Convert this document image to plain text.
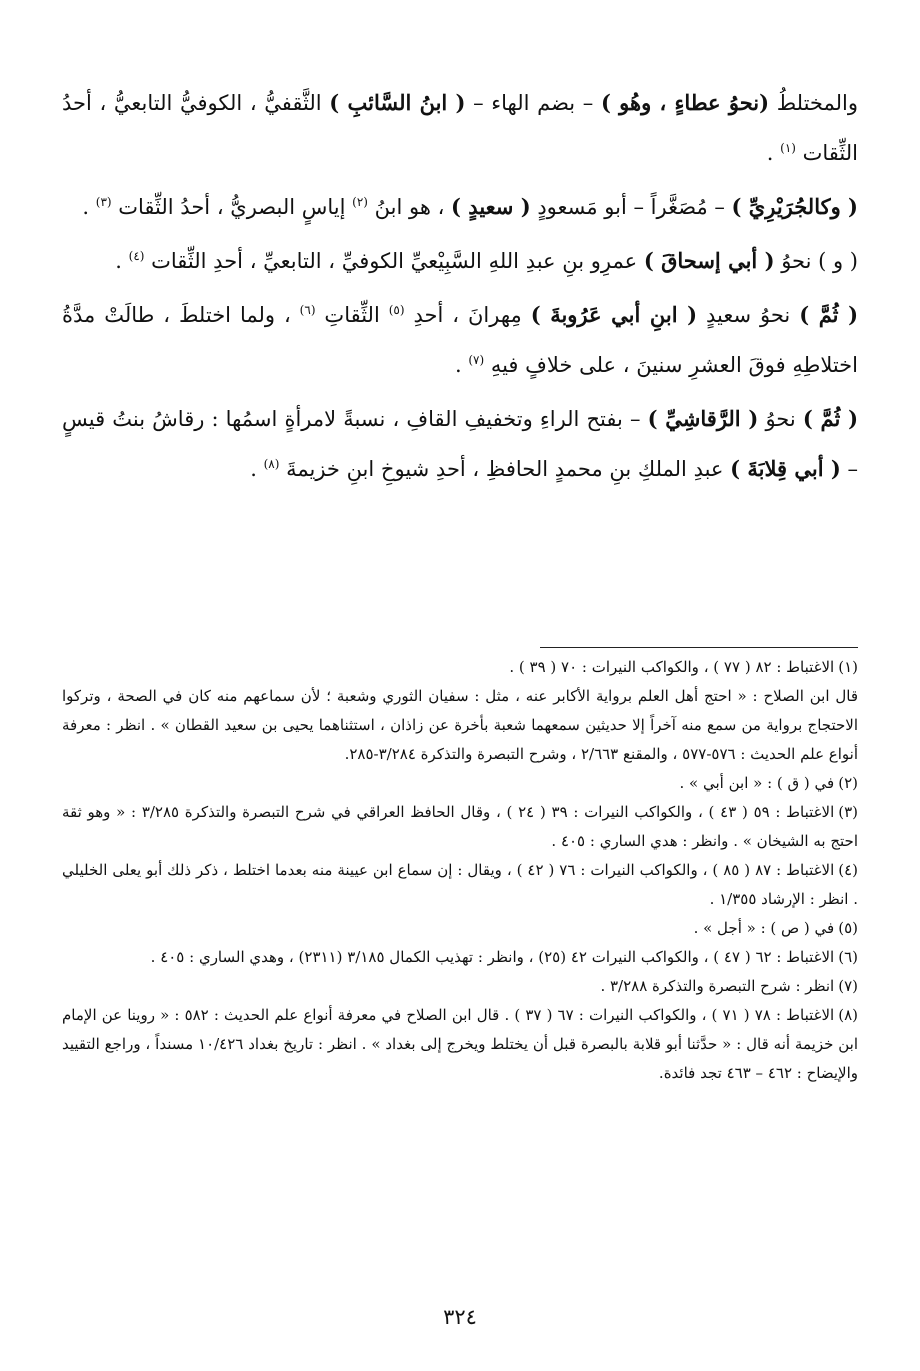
والمختلطُ (نحوُ عطاءٍ ، وهُو ) – بضم الهاء – ( ابنُ السَّائبِ ) الثَّقفيُّ ، الكوفيُّ التابعيُّ ، أحدُ الثِّقات $^{(١)}$ .

( وكالجُرَيْرِيِّ ) – مُصَغَّراً – أبو مَسعودٍ ( سعيدٍ ) ، هو ابنُ $^{(٢)}$ إياسٍ البصريُّ ، أحدُ الثِّقات $^{(٣)}$ .

( و ) نحوُ ( أبي إسحاقَ ) عمرِو بنِ عبدِ اللهِ السَّبِيْعيِّ الكوفيِّ ، التابعيِّ ، أحدِ الثِّقات $^{(٤)}$ .

( ثُمَّ ) نحوُ سعيدٍ ( ابنِ أبي عَرُوبةَ ) مِهرانَ ، أحدِ $^{(٥)}$ الثِّقاتِ $^{(٦)}$ ، ولما اختلطَ ، طالَتْ مدَّةُ اختلاطِهِ فوقَ العشرِ سنينَ ، على خلافٍ فيهِ $^{(٧)}$ .

( ثُمَّ ) نحوُ ( الرَّقاشِيِّ ) – بفتح الراءِ وتخفيفِ القافِ ، نسبةً لامرأةٍ اسمُها : رقاشُ بنتُ قيسٍ – ( أبي قِلابَةَ ) عبدِ الملكِ بنِ محمدٍ الحافظِ ، أحدِ شيوخِ ابنِ خزيمةَ $^{(٨)}$ .

(١)الاغتباط : ٨٢ ( ٧٧ ) ، والكواكب النيرات : ٧٠ ( ٣٩ ) .

قال ابن الصلاح : « احتج أهل العلم برواية الأكابر عنه ، مثل : سفيان الثوري وشعبة ؛ لأن سماعهم منه كان في الصحة ، وتركوا الاحتجاج برواية من سمع منه آخراً إلا حديثين سمعهما شعبة بأخرة عن زاذان ، استثناهما يحيى بن سعيد القطان » . انظر : معرفة أنواع علم الحديث : ٥٧٦-٥٧٧ ، والمقنع ٢/٦٦٣ ، وشرح التبصرة والتذكرة ٣/٢٨٤-٢٨٥.

(٢)في ( ق ) : « ابن أبي » .

(٣)الاغتباط : ٥٩ ( ٤٣ ) ، والكواكب النيرات : ٣٩ ( ٢٤ ) ، وقال الحافظ العراقي في شرح التبصرة والتذكرة ٣/٢٨٥ : « وهو ثقة احتج به الشيخان » . وانظر : هدي الساري : ٤٠٥ .

(٤)الاغتباط : ٨٧ ( ٨٥ ) ، والكواكب النيرات : ٧٦ ( ٤٢ ) ، ويقال : إن سماع ابن عيينة منه بعدما اختلط ، ذكر ذلك أبو يعلى الخليلي . انظر : الإرشاد ١/٣٥٥ .

(٥)في ( ص ) : « أجل » .

(٦)الاغتباط : ٦٢ ( ٤٧ ) ، والكواكب النيرات ٤٢ (٢٥) ، وانظر : تهذيب الكمال ٣/١٨٥ (٢٣١١) ، وهدي الساري : ٤٠٥ .

(٧)انظر : شرح التبصرة والتذكرة ٣/٢٨٨ .

(٨)الاغتباط : ٧٨ ( ٧١ ) ، والكواكب النيرات : ٦٧ ( ٣٧ ) . قال ابن الصلاح في معرفة أنواع علم الحديث : ٥٨٢ : « روينا عن الإمام ابن خزيمة أنه قال : « حدَّثنا أبو قلابة بالبصرة قبل أن يختلط ويخرج إلى بغداد » . انظر : تاريخ بغداد ١٠/٤٢٦ مسنداً ، وراجع التقييد والإيضاح : ٤٦٢ – ٤٦٣ تجد فائدة.

٣٢٤
